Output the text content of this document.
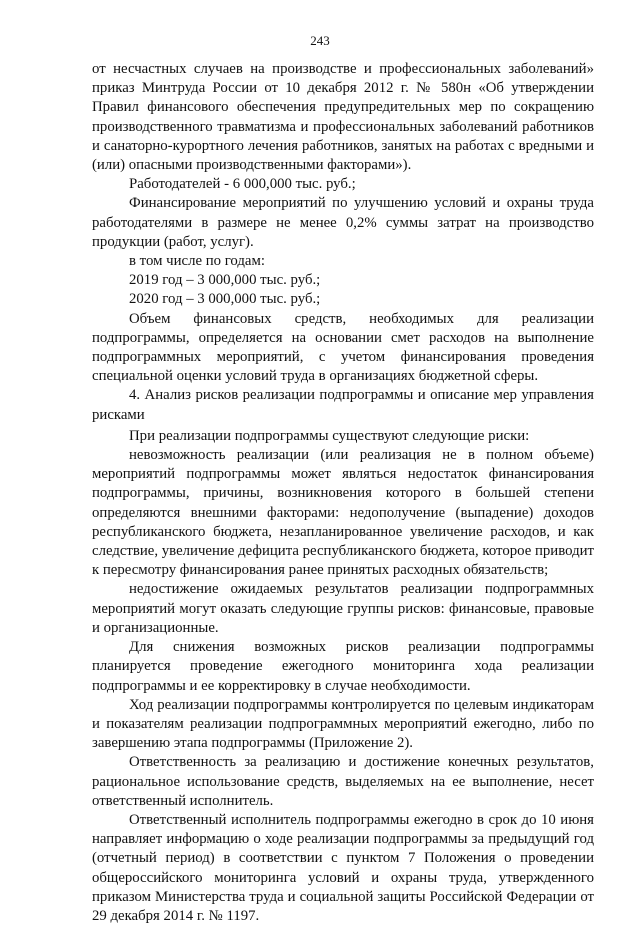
243

от несчастных случаев на производстве и профессиональных заболеваний» приказ Минтруда России от 10 декабря 2012 г. № 580н «Об утверждении Правил финансового обеспечения предупредительных мер по сокращению производственного травматизма и профессиональных заболеваний работников и санаторно-курортного лечения работников, занятых на работах с вредными и (или) опасными производственными факторами»).

Работодателей - 6 000,000 тыс. руб.;

Финансирование мероприятий по улучшению условий и охраны труда работодателями в размере не менее 0,2% суммы затрат на производство продукции (работ, услуг).

в том числе по годам:

2019 год – 3 000,000 тыс. руб.;

2020 год – 3 000,000 тыс. руб.;

Объем финансовых средств, необходимых для реализации подпрограммы, определяется на основании смет расходов на выполнение подпрограммных мероприятий, с учетом финансирования проведения специальной оценки условий труда в организациях бюджетной сферы.

4. Анализ рисков реализации подпрограммы и описание мер управления рисками

При реализации подпрограммы существуют следующие риски:

невозможность реализации (или реализация не в полном объеме) мероприятий подпрограммы может являться недостаток финансирования подпрограммы, причины, возникновения которого в большей степени определяются внешними факторами: недополучение (выпадение) доходов республиканского бюджета, незапланированное увеличение расходов, и как следствие, увеличение дефицита республиканского бюджета, которое приводит к пересмотру финансирования ранее принятых расходных обязательств;

недостижение ожидаемых результатов реализации подпрограммных мероприятий могут оказать следующие группы рисков: финансовые, правовые и организационные.

Для снижения возможных рисков реализации подпрограммы планируется проведение ежегодного мониторинга хода реализации подпрограммы и ее корректировку в случае необходимости.

Ход реализации подпрограммы контролируется по целевым индикаторам и показателям реализации подпрограммных мероприятий ежегодно, либо по завершению этапа подпрограммы (Приложение 2).

Ответственность за реализацию и достижение конечных результатов, рациональное использование средств, выделяемых на ее выполнение, несет ответственный исполнитель.

Ответственный исполнитель подпрограммы ежегодно в срок до 10 июня направляет информацию о ходе реализации подпрограммы за предыдущий год (отчетный период) в соответствии с пунктом 7 Положения о проведении общероссийского мониторинга условий и охраны труда, утвержденного приказом Министерства труда и социальной защиты Российской Федерации от 29 декабря 2014 г. № 1197.
